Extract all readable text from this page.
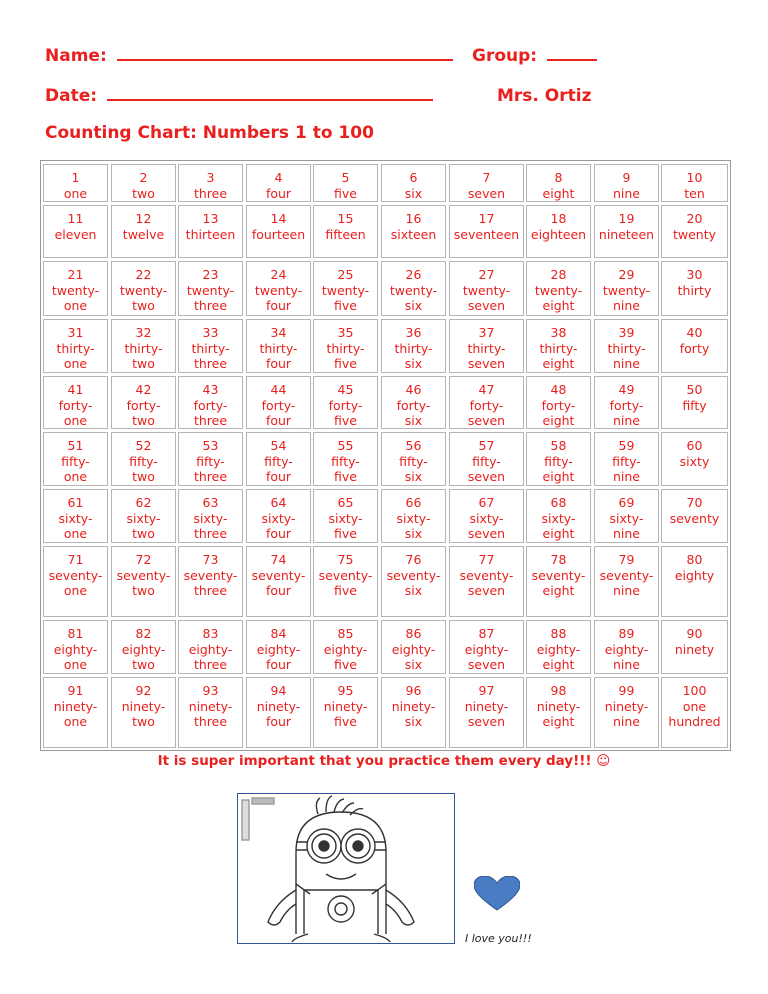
Name:	Group:
Date:	Mrs. Ortiz
Counting Chart: Numbers 1 to 100
1
one
2
two
3
three
4
four
5
five
6
six
7
seven
8
eight
9
nine
10
ten
11
eleven
12
twelve
13
thirteen
14
fourteen
15
fifteen
16
sixteen
17
seventeen
18
eighteen
19
nineteen
20
twenty
21
twenty-
one
22
twenty-
two
23
twenty-
three
24
twenty-
four
25
twenty-
five
26
twenty-
six
27
twenty-
seven
28
twenty-
eight
29
twenty-
nine
30
thirty
31
thirty-
one
32
thirty-
two
33
thirty-
three
34
thirty-
four
35
thirty-
five
36
thirty-
six
37
thirty-
seven
38
thirty-
eight
39
thirty-
nine
40
forty
41
forty-
one
42
forty-
two
43
forty-
three
44
forty-
four
45
forty-
five
46
forty-
six
47
forty-
seven
48
forty-
eight
49
forty-
nine
50
fifty
51
fifty-
one
52
fifty-
two
53
fifty-
three
54
fifty-
four
55
fifty-
five
56
fifty-
six
57
fifty-
seven
58
fifty-
eight
59
fifty-
nine
60
sixty
61
sixty-
one
62
sixty-
two
63
sixty-
three
64
sixty-
four
65
sixty-
five
66
sixty-
six
67
sixty-
seven
68
sixty-
eight
69
sixty-
nine
70
seventy
71
seventy-
one
72
seventy-
two
73
seventy-
three
74
seventy-
four
75
seventy-
five
76
seventy-
six
77
seventy-
seven
78
seventy-
eight
79
seventy-
nine
80
eighty
81
eighty-
one
82
eighty-
two
83
eighty-
three
84
eighty-
four
85
eighty-
five
86
eighty-
six
87
eighty-
seven
88
eighty-
eight
89
eighty-
nine
90
ninety
91
ninety-
one
92
ninety-
two
93
ninety-
three
94
ninety-
four
95
ninety-
five
96
ninety-
six
97
ninety-
seven
98
ninety-
eight
99
ninety-
nine
100
one hundred
It is super important that you practice them every day!!! ☺
I love you!!!
